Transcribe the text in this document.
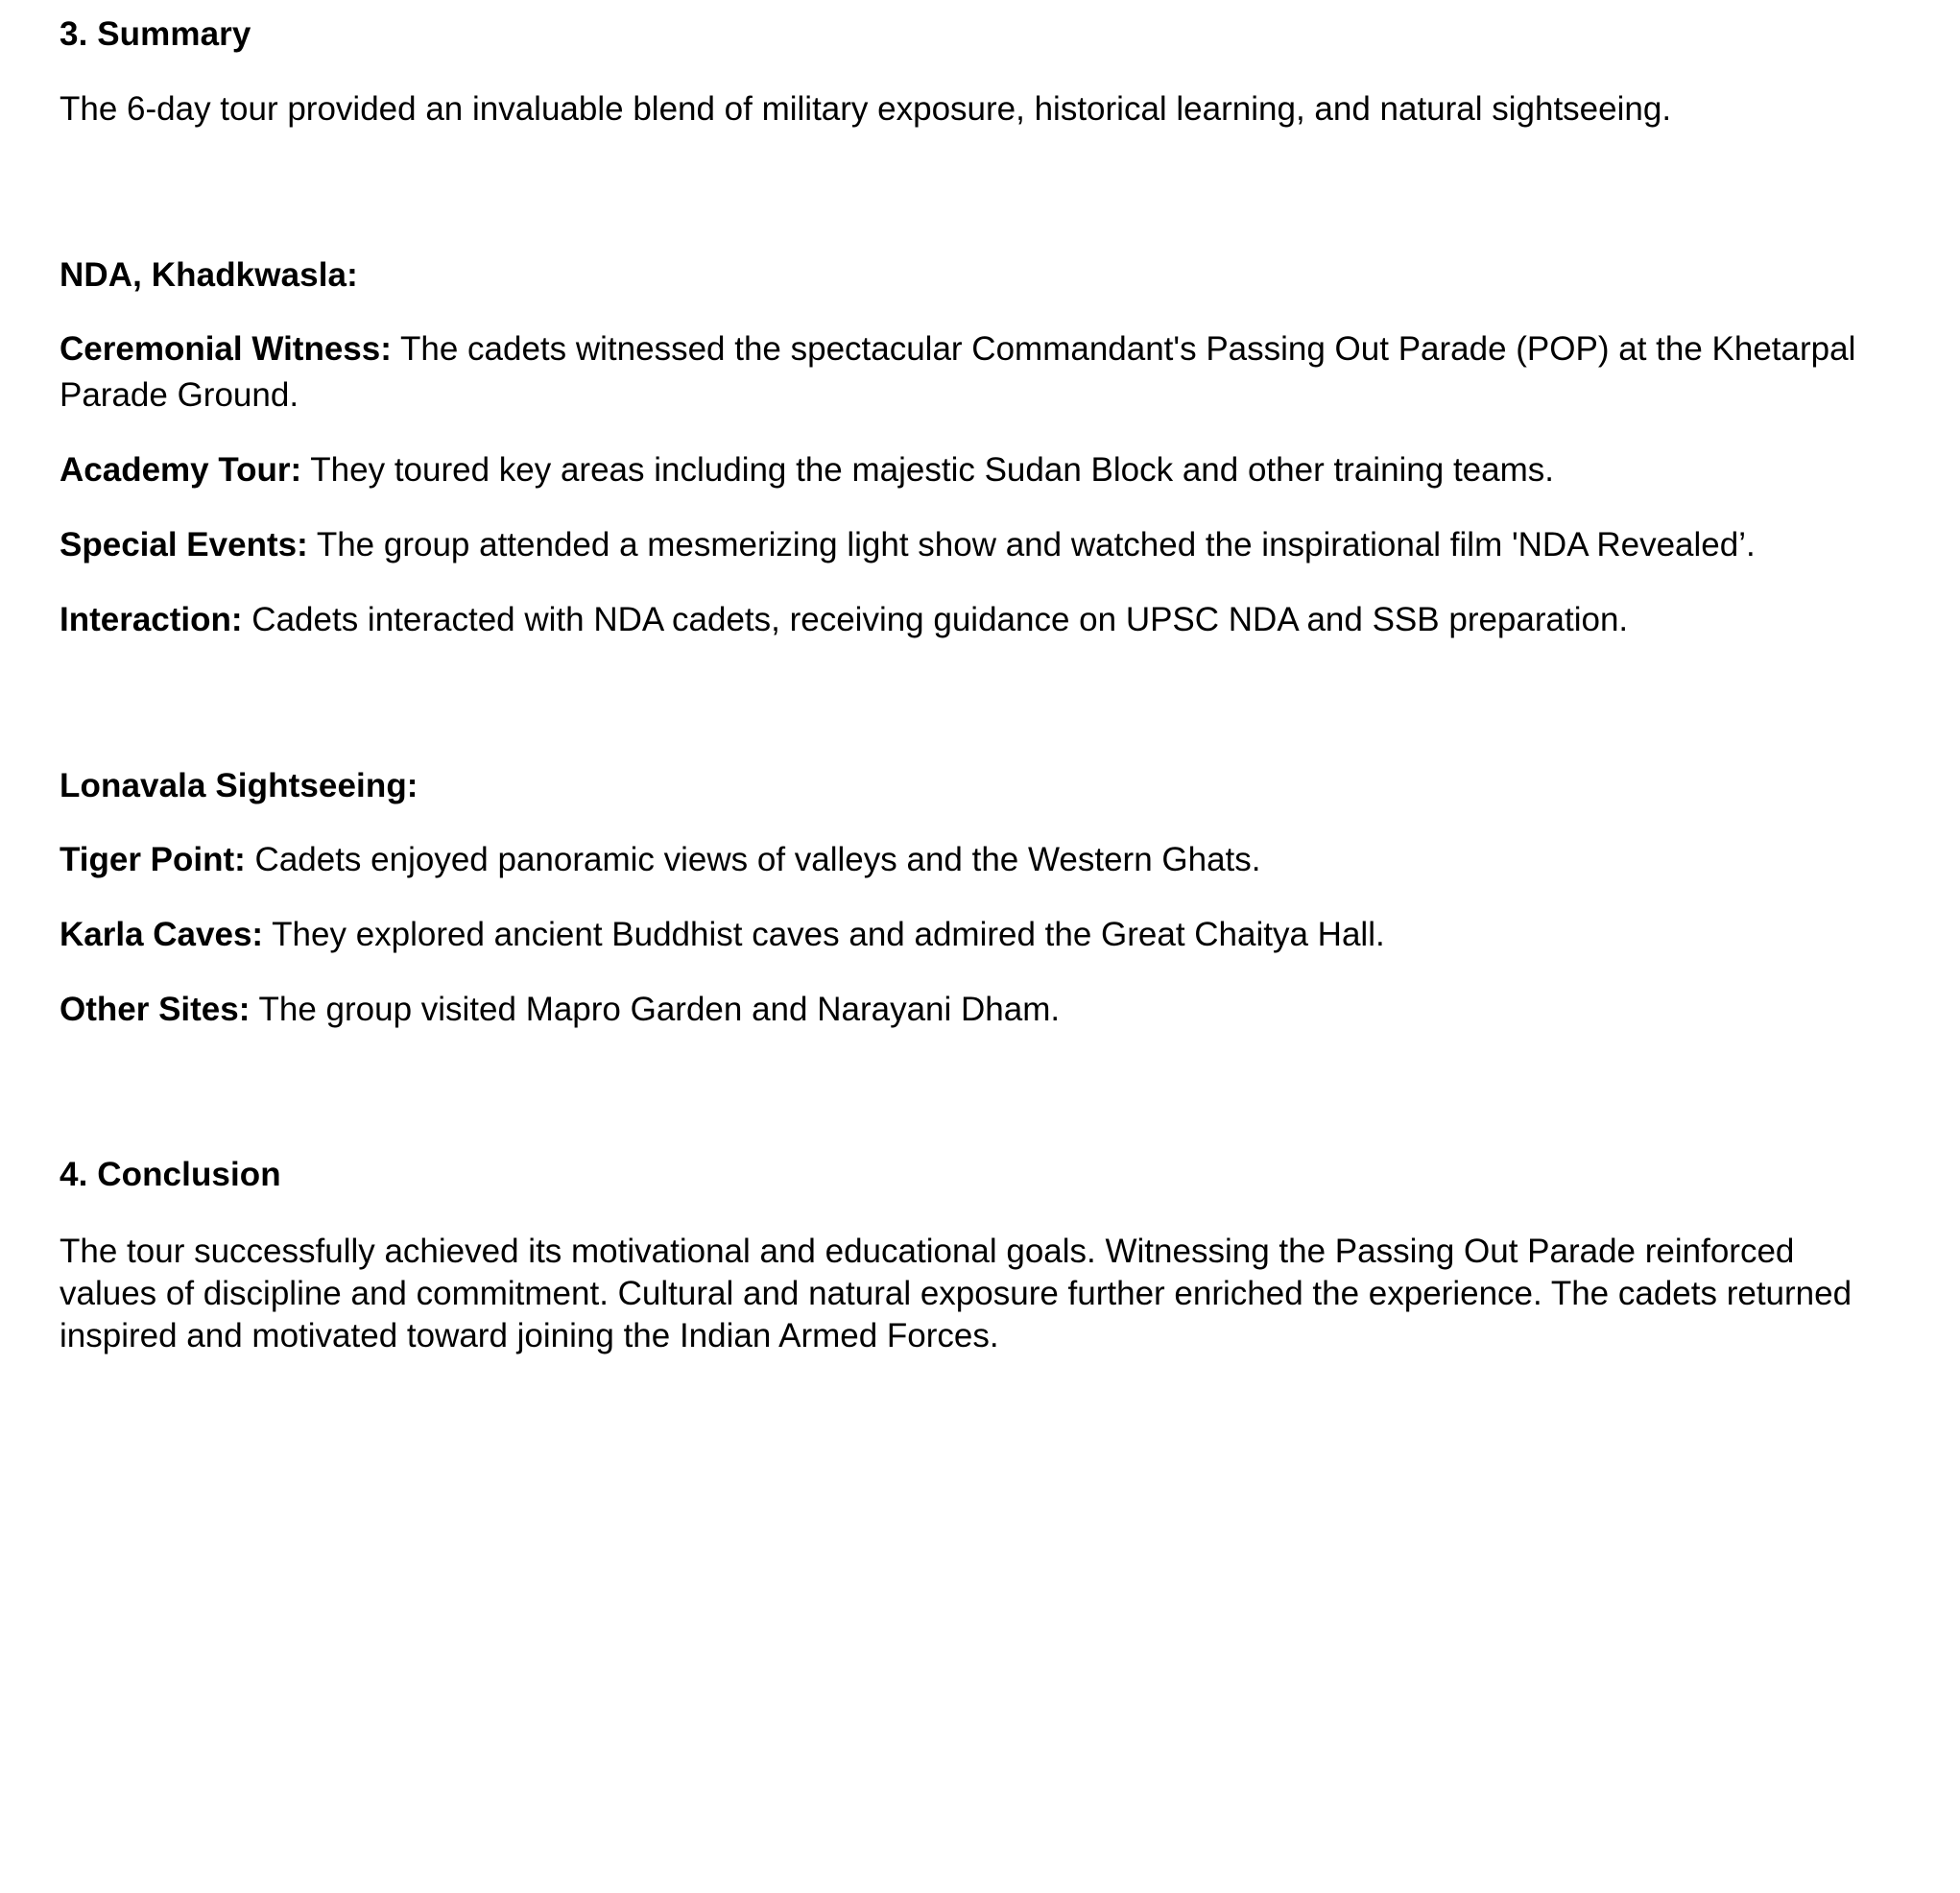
3. Summary

The 6-day tour provided an invaluable blend of military exposure, historical learning, and natural sightseeing.

NDA, Khadkwasla:

Ceremonial Witness: The cadets witnessed the spectacular Commandant's Passing Out Parade (POP) at the Khetarpal Parade Ground.

Academy Tour: They toured key areas including the majestic Sudan Block and other training teams.

Special Events: The group attended a mesmerizing light show and watched the inspirational film 'NDA Revealed’.

Interaction: Cadets interacted with NDA cadets, receiving guidance on UPSC NDA and SSB preparation.

Lonavala Sightseeing:

Tiger Point: Cadets enjoyed panoramic views of valleys and the Western Ghats.

Karla Caves: They explored ancient Buddhist caves and admired the Great Chaitya Hall.

Other Sites: The group visited Mapro Garden and Narayani Dham.

4. Conclusion

The tour successfully achieved its motivational and educational goals. Witnessing the Passing Out Parade reinforced values of discipline and commitment. Cultural and natural exposure further enriched the experience. The cadets returned inspired and motivated toward joining the Indian Armed Forces.
